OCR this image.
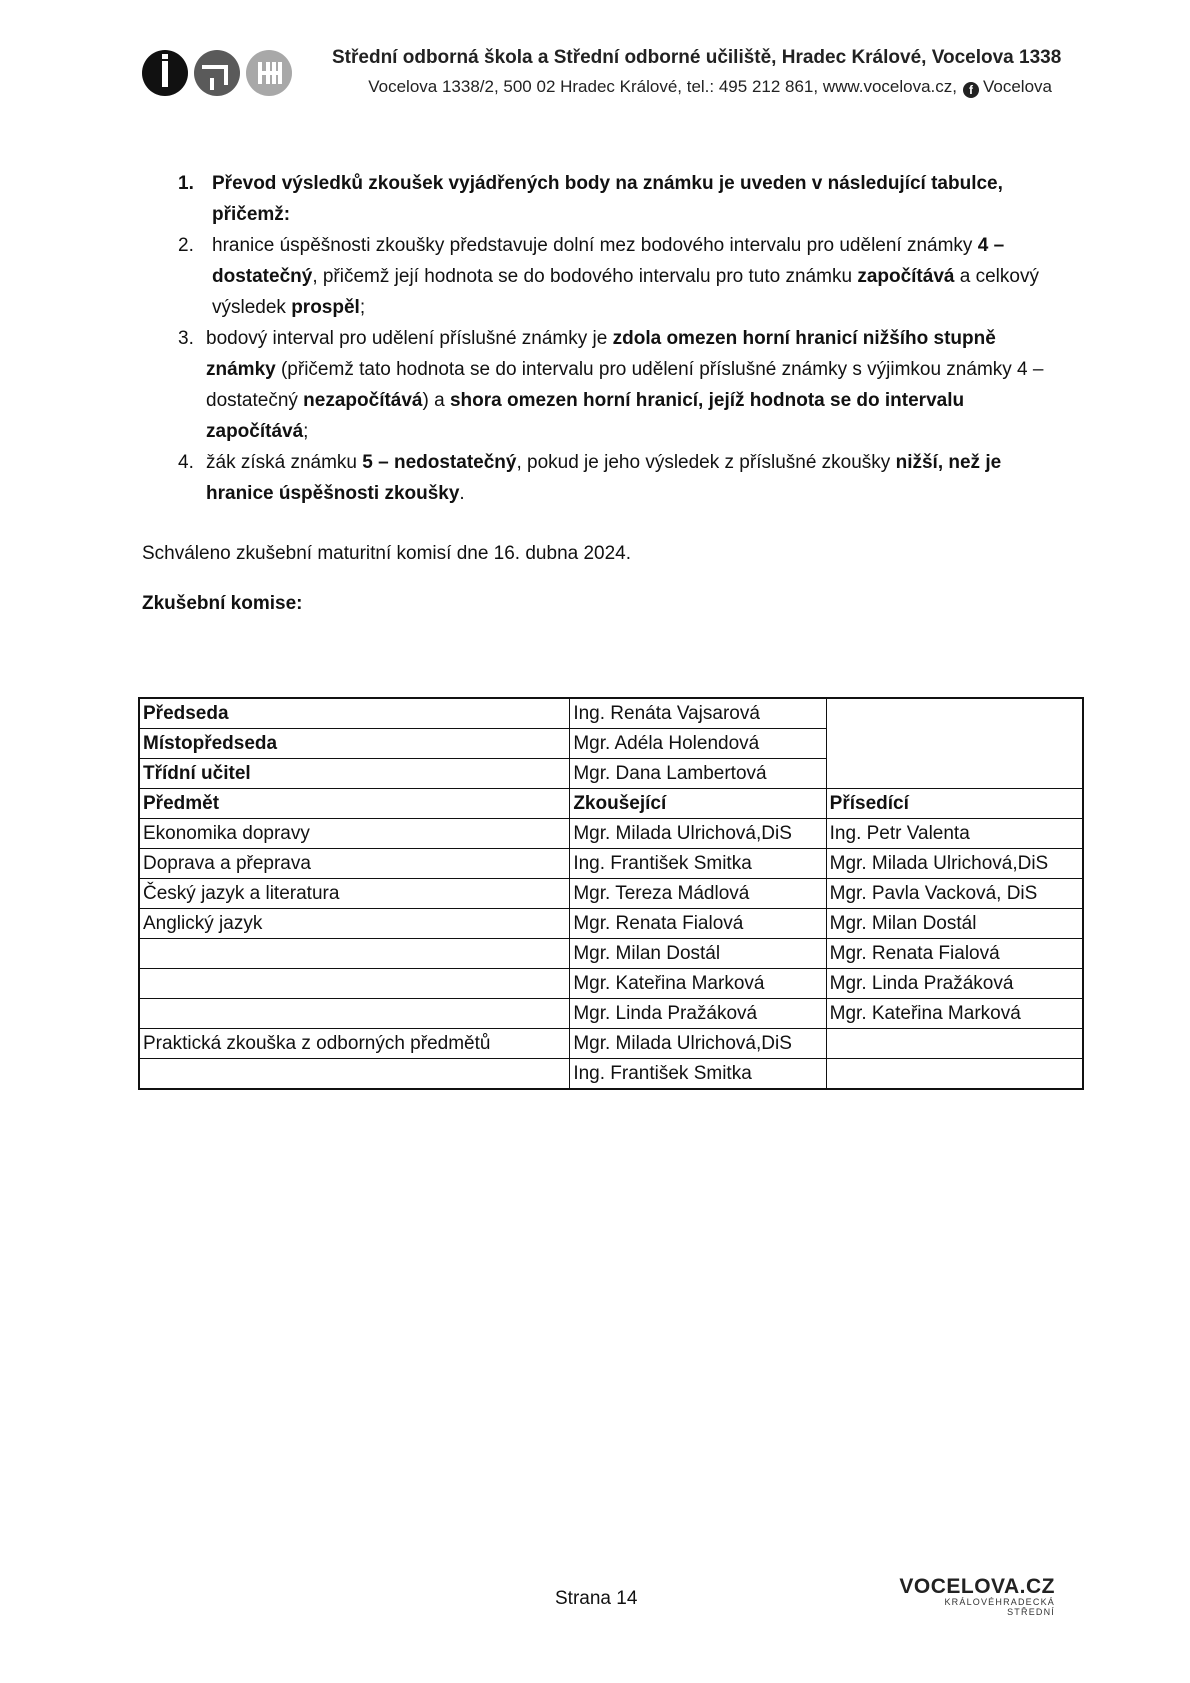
Střední odborná škola a Střední odborné učiliště, Hradec Králové, Vocelova 1338
Vocelova 1338/2, 500 02 Hradec Králové, tel.: 495 212 861, www.vocelova.cz, f Vocelova
1. Převod výsledků zkoušek vyjádřených body na známku je uveden v následující tabulce, přičemž:
2. hranice úspěšnosti zkoušky představuje dolní mez bodového intervalu pro udělení známky 4 – dostatečný, přičemž její hodnota se do bodového intervalu pro tuto známku započítává a celkový výsledek prospěl;
3. bodový interval pro udělení příslušné známky je zdola omezen horní hranicí nižšího stupně známky (přičemž tato hodnota se do intervalu pro udělení příslušné známky s výjimkou známky 4 – dostatečný nezapočítává) a shora omezen horní hranicí, jejíž hodnota se do intervalu započítává;
4. žák získá známku 5 – nedostatečný, pokud je jeho výsledek z příslušné zkoušky nižší, než je hranice úspěšnosti zkoušky.
Schváleno zkušební maturitní komisí dne 16. dubna 2024.
Zkušební komise:
Předseda	Ing. Renáta Vajsarová	
Místopředseda	Mgr. Adéla Holendová	
Třídní učitel	Mgr. Dana Lambertová	
Předmět	Zkoušející	Přísedící
Ekonomika dopravy	Mgr. Milada Ulrichová,DiS	Ing. Petr Valenta
Doprava a přeprava	Ing. František Smitka	Mgr. Milada Ulrichová,DiS
Český jazyk a literatura	Mgr. Tereza Mádlová	Mgr. Pavla Vacková, DiS
Anglický jazyk	Mgr. Renata Fialová	Mgr. Milan Dostál
	Mgr. Milan Dostál	Mgr. Renata Fialová
	Mgr. Kateřina Marková	Mgr. Linda Pražáková
	Mgr. Linda Pražáková	Mgr. Kateřina Marková
Praktická zkouška z odborných předmětů	Mgr. Milada Ulrichová,DiS	
	Ing. František Smitka	
Strana 14
VOCELOVA.CZ
KRÁLOVÉHRADECKÁ STŘEDNÍ
